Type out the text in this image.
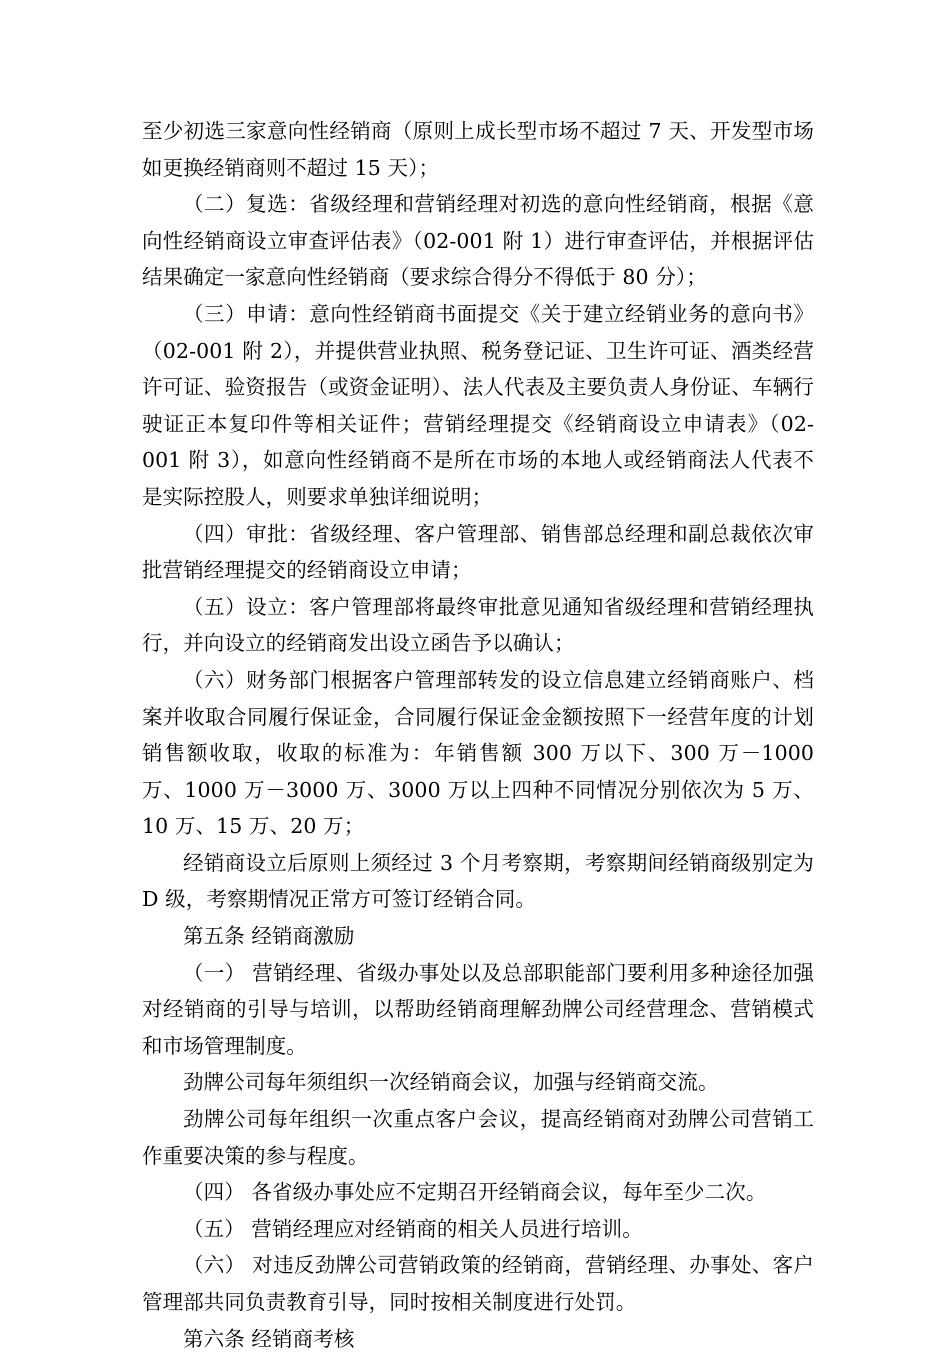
至少初选三家意向性经销商（原则上成长型市场不超过 7 天、开发型市场如更换经销商则不超过 15 天）；

（二）复选：省级经理和营销经理对初选的意向性经销商，根据《意向性经销商设立审查评估表》（02-001 附 1）进行审查评估，并根据评估结果确定一家意向性经销商（要求综合得分不得低于 80 分）；

（三）申请：意向性经销商书面提交《关于建立经销业务的意向书》（02-001 附 2），并提供营业执照、税务登记证、卫生许可证、酒类经营许可证、验资报告（或资金证明）、法人代表及主要负责人身份证、车辆行驶证正本复印件等相关证件；营销经理提交《经销商设立申请表》（02-001 附 3），如意向性经销商不是所在市场的本地人或经销商法人代表不是实际控股人，则要求单独详细说明；

（四）审批：省级经理、客户管理部、销售部总经理和副总裁依次审批营销经理提交的经销商设立申请；

（五）设立：客户管理部将最终审批意见通知省级经理和营销经理执行，并向设立的经销商发出设立函告予以确认；

（六）财务部门根据客户管理部转发的设立信息建立经销商账户、档案并收取合同履行保证金，合同履行保证金金额按照下一经营年度的计划销售额收取，收取的标准为：年销售额 300 万以下、300 万－1000 万、1000 万－3000 万、3000 万以上四种不同情况分别依次为 5 万、10 万、15 万、20 万；

经销商设立后原则上须经过 3 个月考察期，考察期间经销商级别定为 D 级，考察期情况正常方可签订经销合同。

第五条 经销商激励

（一） 营销经理、省级办事处以及总部职能部门要利用多种途径加强对经销商的引导与培训，以帮助经销商理解劲牌公司经营理念、营销模式和市场管理制度。

劲牌公司每年须组织一次经销商会议，加强与经销商交流。

劲牌公司每年组织一次重点客户会议，提高经销商对劲牌公司营销工作重要决策的参与程度。

（四） 各省级办事处应不定期召开经销商会议，每年至少二次。

（五） 营销经理应对经销商的相关人员进行培训。

（六） 对违反劲牌公司营销政策的经销商，营销经理、办事处、客户管理部共同负责教育引导，同时按相关制度进行处罚。

第六条 经销商考核
